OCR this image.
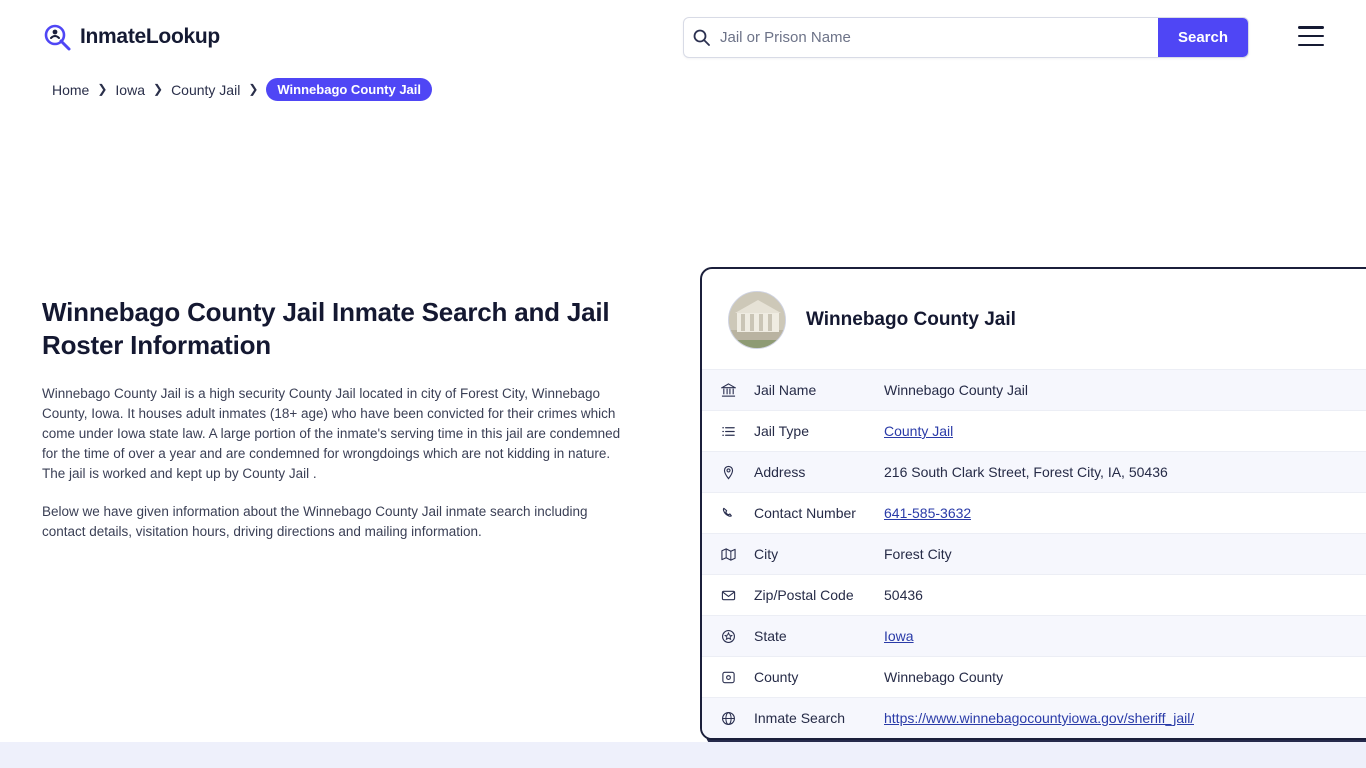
InmateLookup
Jail or Prison Name	Search
Home ❯ Iowa ❯ County Jail ❯	Winnebago County Jail
Winnebago County Jail Inmate Search and Jail Roster Information

Winnebago County Jail is a high security County Jail located in city of Forest City, Winnebago County, Iowa. It houses adult inmates (18+ age) who have been convicted for their crimes which come under Iowa state law. A large portion of the inmate's serving time in this jail are condemned for the time of over a year and are condemned for wrongdoings which are not kidding in nature. The jail is worked and kept up by County Jail .

Below we have given information about the Winnebago County Jail inmate search including contact details, visitation hours, driving directions and mailing information.

Winnebago County Jail
Jail Name	Winnebago County Jail
Jail Type	County Jail
Address	216 South Clark Street, Forest City, IA, 50436
Contact Number	641-585-3632
City	Forest City
Zip/Postal Code	50436
State	Iowa
County	Winnebago County
Inmate Search	https://www.winnebagocountyiowa.gov/sheriff_jail/
